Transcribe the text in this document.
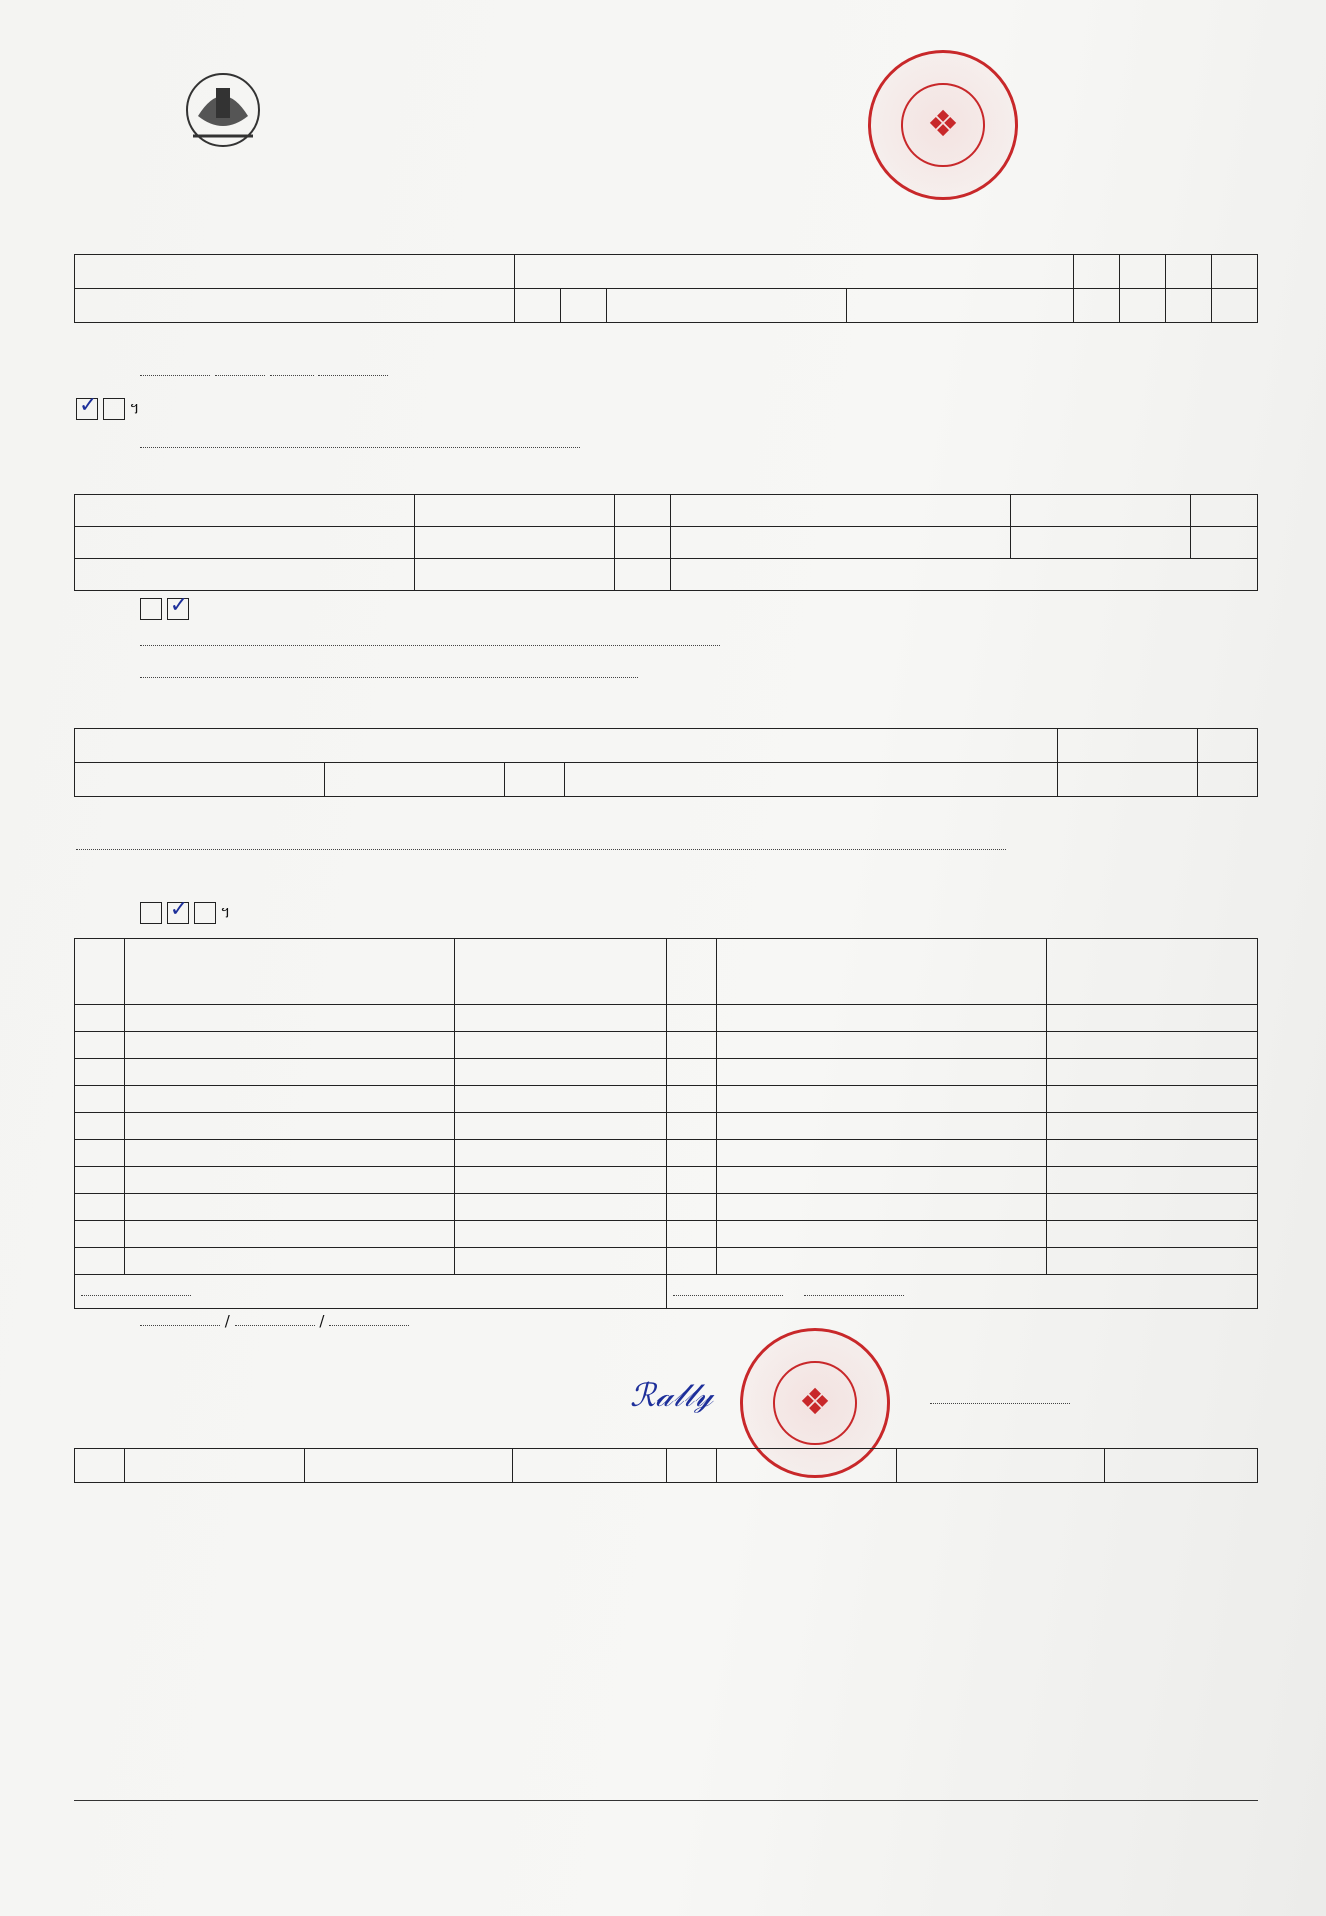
❖

✓  ។

✓

✓  ។

/	/
ℛ𝒶𝓁𝓁𝓎	❖
